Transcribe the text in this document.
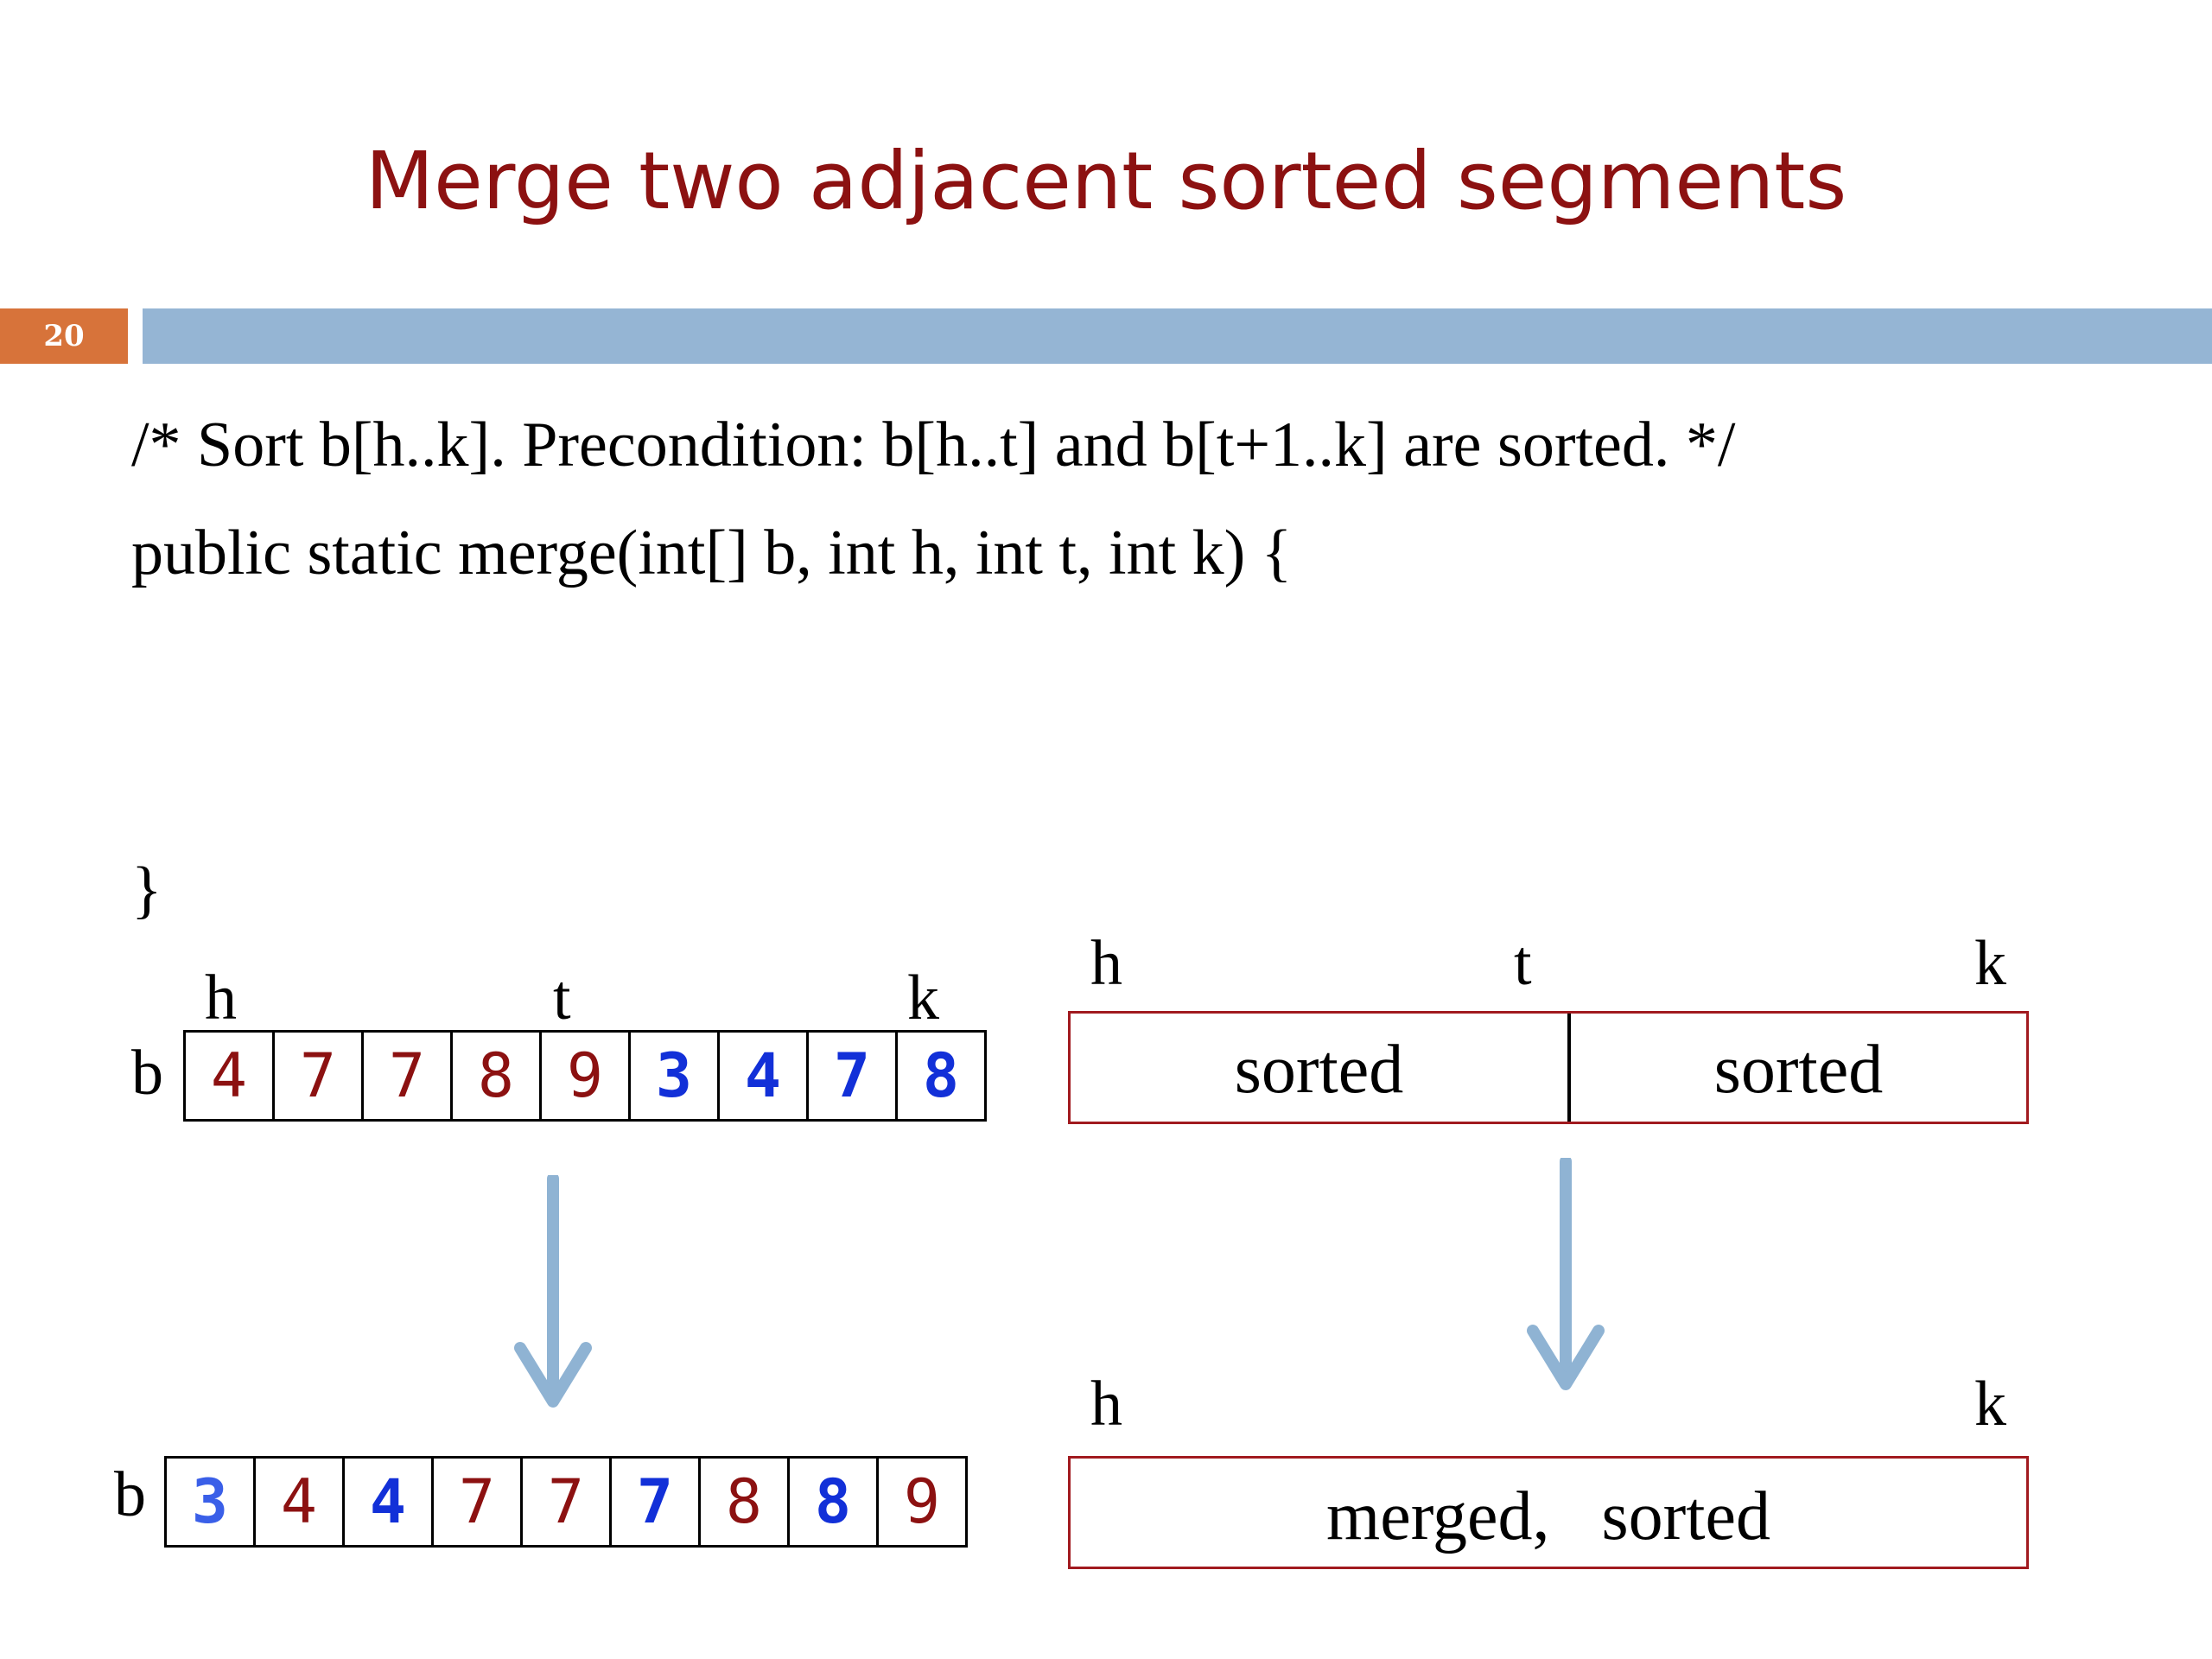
Merge two adjacent sorted segments
20
/* Sort b[h..k]. Precondition: b[h..t] and b[t+1..k] are sorted. */
public static merge(int[] b, int h, int t, int k) {
}
h	t	k
b 4 7 7 8 9 3 4 7 8
b 3 4 4 7 7 7 8 8 9
h	t	k
sorted	sorted
h	k
merged,   sorted
